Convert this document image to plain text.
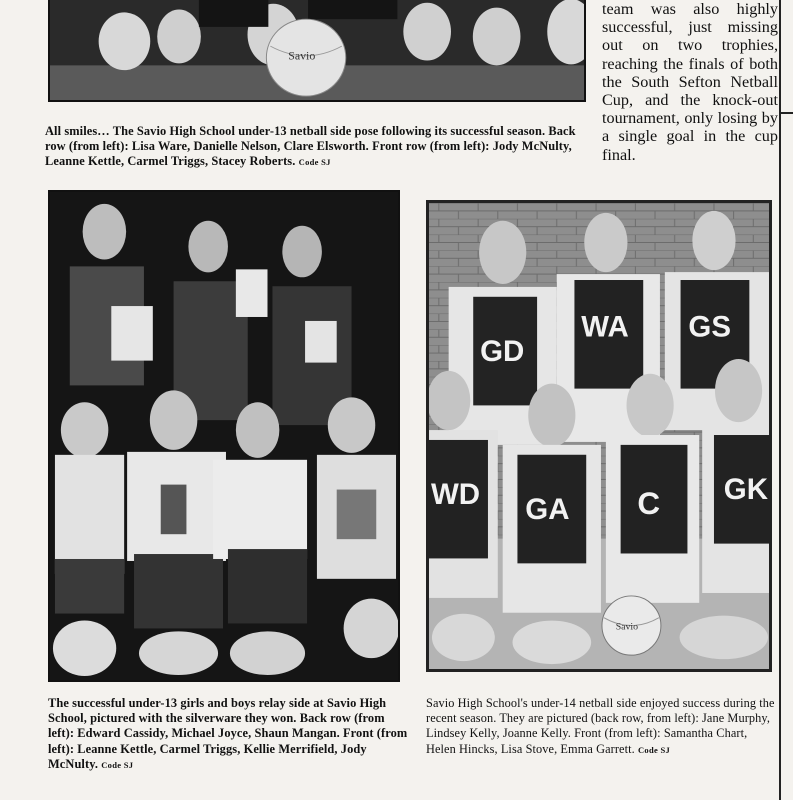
Savio
All smiles… The Savio High School under-13 netball side pose following its successful season. Back row (from left): Lisa Ware, Danielle Nelson, Clare Elsworth. Front row (from left): Jody McNulty, Leanne Kettle, Carmel Triggs, Stacey Roberts. Code SJ
team was also highly successful, just missing out on two trophies, reaching the finals of both the South Sefton Netball Cup, and the knock-out tournament, only losing by a single goal in the cup final.
The successful under-13 girls and boys relay side at Savio High School, pictured with the silverware they won. Back row (from left): Edward Cassidy, Michael Joyce, Shaun Mangan. Front (from left): Leanne Kettle, Carmel Triggs, Kellie Merrifield, Jody McNulty. Code SJ
GD
WA GS
WD GA C GK
Savio
Savio High School's under-14 netball side enjoyed success during the recent season. They are pictured (back row, from left): Jane Murphy, Lindsey Kelly, Joanne Kelly. Front (from left): Samantha Chart, Helen Hincks, Lisa Stove, Emma Garrett. Code SJ
